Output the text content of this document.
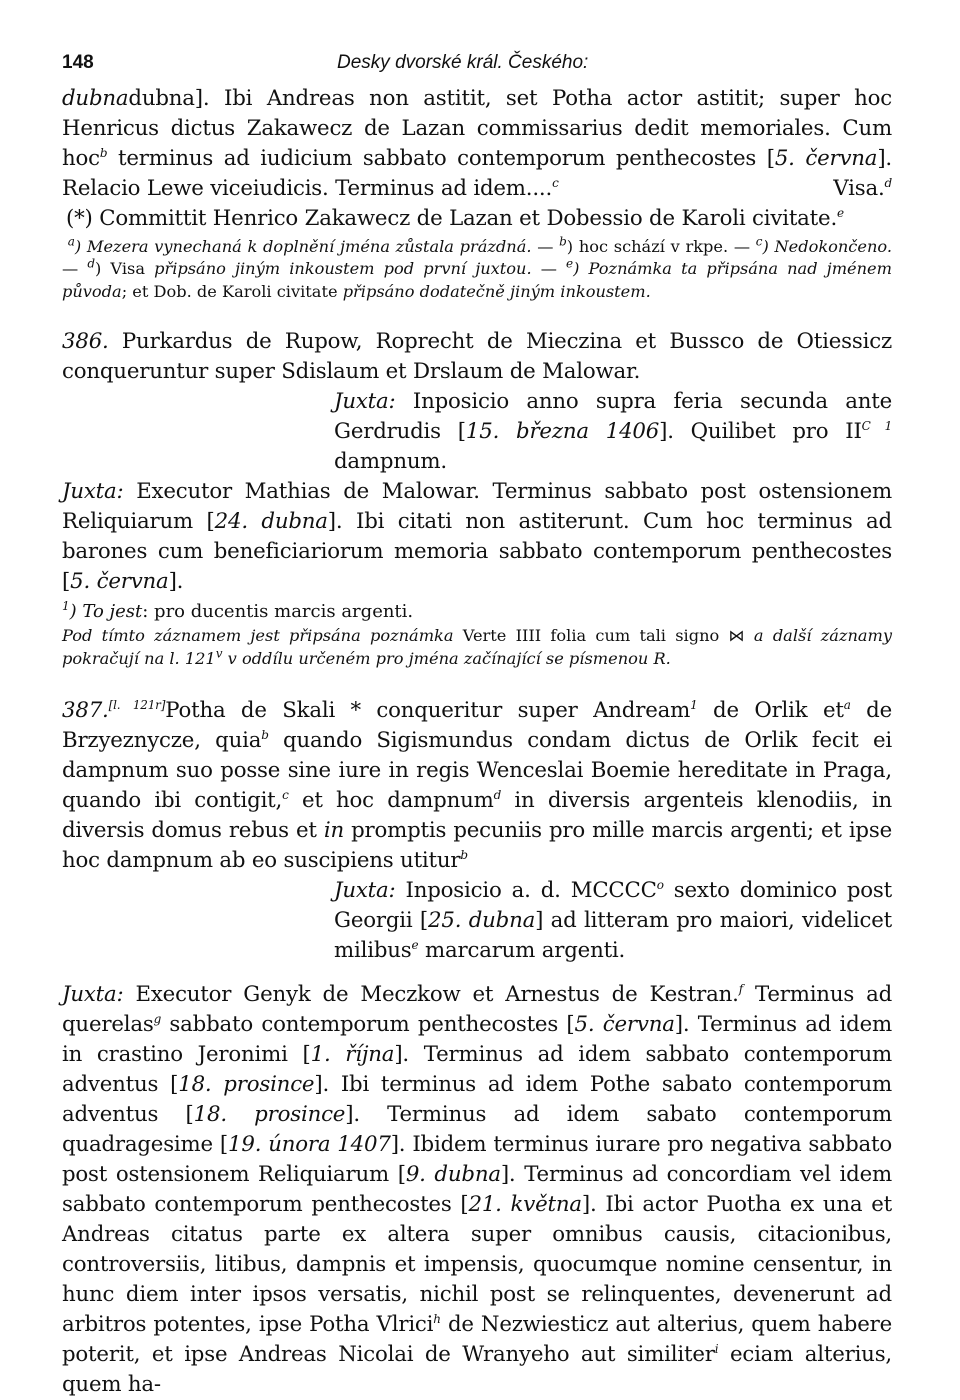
148	Desky dvorské král. Českého:

dubnadubna]. Ibi Andreas non astitit, set Potha actor astitit; super hoc Henricus dictus Zakawecz de Lazan commissarius dedit memoriales. Cum hoc$^b$ terminus ad iudicium sabbato contemporum penthecostes [5. června]. Relacio Lewe viceiudicis. Terminus ad idem....$^c$	Visa.$^d$

(*) Committit Henrico Zakawecz de Lazan et Dobessio de Karoli civitate.$^e$

$^a$) Mezera vynechaná k doplnění jména zůstala prázdná. — $^b$) hoc schází v rkpe. — $^c$) Nedokončeno. — $^d$) Visa připsáno jiným inkoustem pod první juxtou. — $^e$) Poznámka ta připsána nad jménem původa; et Dob. de Karoli civitate připsáno dodatečně jiným inkoustem.

386. Purkardus de Rupow, Roprecht de Mieczina et Bussco de Otiessicz conqueruntur super Sdislaum et Drslaum de Malowar.

Juxta: Inposicio anno supra feria secunda ante Gerdrudis [15. března 1406]. Quilibet pro $II^{C 1}$ dampnum.

Juxta: Executor Mathias de Malowar. Terminus sabbato post ostensionem Reliquiarum [24. dubna]. Ibi citati non astiterunt. Cum hoc terminus ad barones cum beneficiariorum memoria sabbato contemporum penthecostes [5. června].

$^1$) To jest: pro ducentis marcis argenti.

Pod tímto záznamem jest připsána poznámka Verte IIII folia cum tali signo ⋈ a další záznamy pokračují na l. 121$^v$ v oddílu určeném pro jména začínající se písmenou R.

387.[l. 121r]Potha de Skali * conqueritur super Andream$^1$ de Orlik $et^a$ de Brzyeznycze, quia$^b$ quando Sigismundus condam dictus de Orlik fecit ei dampnum suo posse sine iure in regis Wenceslai Boemie hereditate in Praga, quando ibi contigit,$^c$ et hoc dampnum$^d$ in diversis argenteis klenodiis, in diversis domus rebus et in promptis pecuniis pro mille marcis argenti; et ipse hoc dampnum ab eo suscipiens utitur$^b$

Juxta: Inposicio a. d. MCCCC$^o$ sexto dominico post Georgii [25. dubna] ad litteram pro maiori, videlicet milibus$^e$ marcarum argenti.

Juxta: Executor Genyk de Meczkow et Arnestus de Kestran.$^f$ Terminus ad querelas$^g$ sabbato contemporum penthecostes [5. června]. Terminus ad idem in crastino Jeronimi [1. října]. Terminus ad idem sabbato contemporum adventus [18. prosince]. Ibi terminus ad idem Pothe sabato contemporum adventus [18. prosince]. Terminus ad idem sabato contemporum quadragesime [19. února 1407]. Ibidem terminus iurare pro negativa sabbato post ostensionem Reliquiarum [9. dubna]. Terminus ad concordiam vel idem sabbato contemporum penthecostes [21. května]. Ibi actor Puotha ex una et Andreas citatus parte ex altera super omnibus causis, citacionibus, controversiis, litibus, dampnis et impensis, quocumque nomine censentur, in hunc diem inter ipsos versatis, nichil post se relinquentes, devenerunt ad arbitros potentes, ipse Potha Vlrici$^h$ de Nezwiesticz aut alterius, quem habere poterit, et ipse Andreas Nicolai de Wranyeho aut similiter$^i$ eciam alterius, quem ha-
